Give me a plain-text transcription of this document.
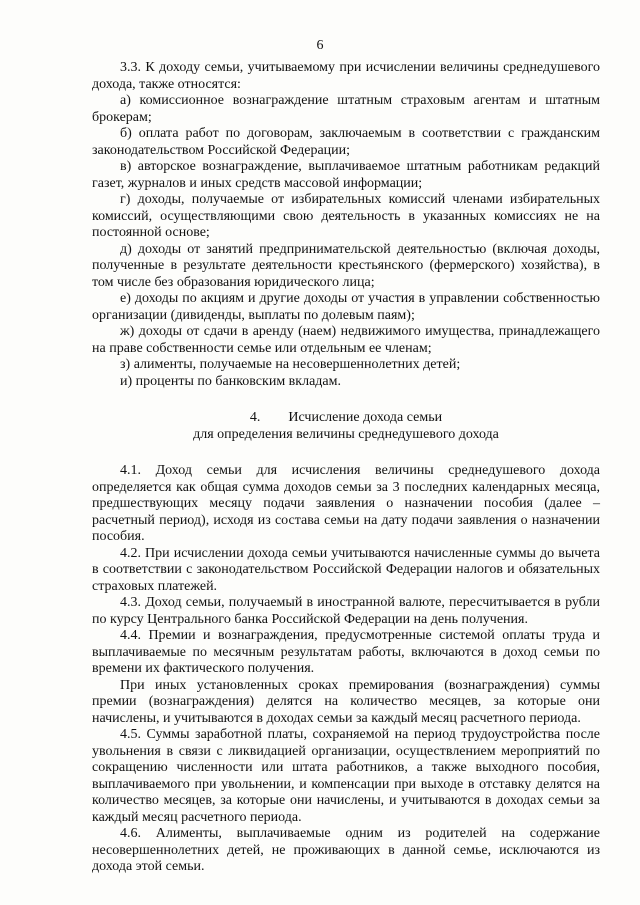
6

3.3. К доходу семьи, учитываемому при исчислении величины среднедушевого дохода, также относятся:

а) комиссионное вознаграждение штатным страховым агентам и штатным брокерам;

б) оплата работ по договорам, заключаемым в соответствии с гражданским законодательством Российской Федерации;

в) авторское вознаграждение, выплачиваемое штатным работникам редакций газет, журналов и иных средств массовой информации;

г) доходы, получаемые от избирательных комиссий членами избирательных комиссий, осуществляющими свою деятельность в указанных комиссиях не на постоянной основе;

д) доходы от занятий предпринимательской деятельностью (включая доходы, полученные в результате деятельности крестьянского (фермерского) хозяйства), в том числе без образования юридического лица;

е) доходы по акциям и другие доходы от участия в управлении собственностью организации (дивиденды, выплаты по долевым паям);

ж) доходы от сдачи в аренду (наем) недвижимого имущества, принадлежащего на праве собственности семье или отдельным ее членам;

з) алименты, получаемые на несовершеннолетних детей;

и) проценты по банковским вкладам.

4. Исчисление дохода семьи
для определения величины среднедушевого дохода

4.1. Доход семьи для исчисления величины среднедушевого дохода определяется как общая сумма доходов семьи за 3 последних календарных месяца, предшествующих месяцу подачи заявления о назначении пособия (далее – расчетный период), исходя из состава семьи на дату подачи заявления о назначении пособия.

4.2. При исчислении дохода семьи учитываются начисленные суммы до вычета в соответствии с законодательством Российской Федерации налогов и обязательных страховых платежей.

4.3. Доход семьи, получаемый в иностранной валюте, пересчитывается в рубли по курсу Центрального банка Российской Федерации на день получения.

4.4. Премии и вознаграждения, предусмотренные системой оплаты труда и выплачиваемые по месячным результатам работы, включаются в доход семьи по времени их фактического получения.

При иных установленных сроках премирования (вознаграждения) суммы премии (вознаграждения) делятся на количество месяцев, за которые они начислены, и учитываются в доходах семьи за каждый месяц расчетного периода.

4.5. Суммы заработной платы, сохраняемой на период трудоустройства после увольнения в связи с ликвидацией организации, осуществлением мероприятий по сокращению численности или штата работников, а также выходного пособия, выплачиваемого при увольнении, и компенсации при выходе в отставку делятся на количество месяцев, за которые они начислены, и учитываются в доходах семьи за каждый месяц расчетного периода.

4.6. Алименты, выплачиваемые одним из родителей на содержание несовершеннолетних детей, не проживающих в данной семье, исключаются из дохода этой семьи.
